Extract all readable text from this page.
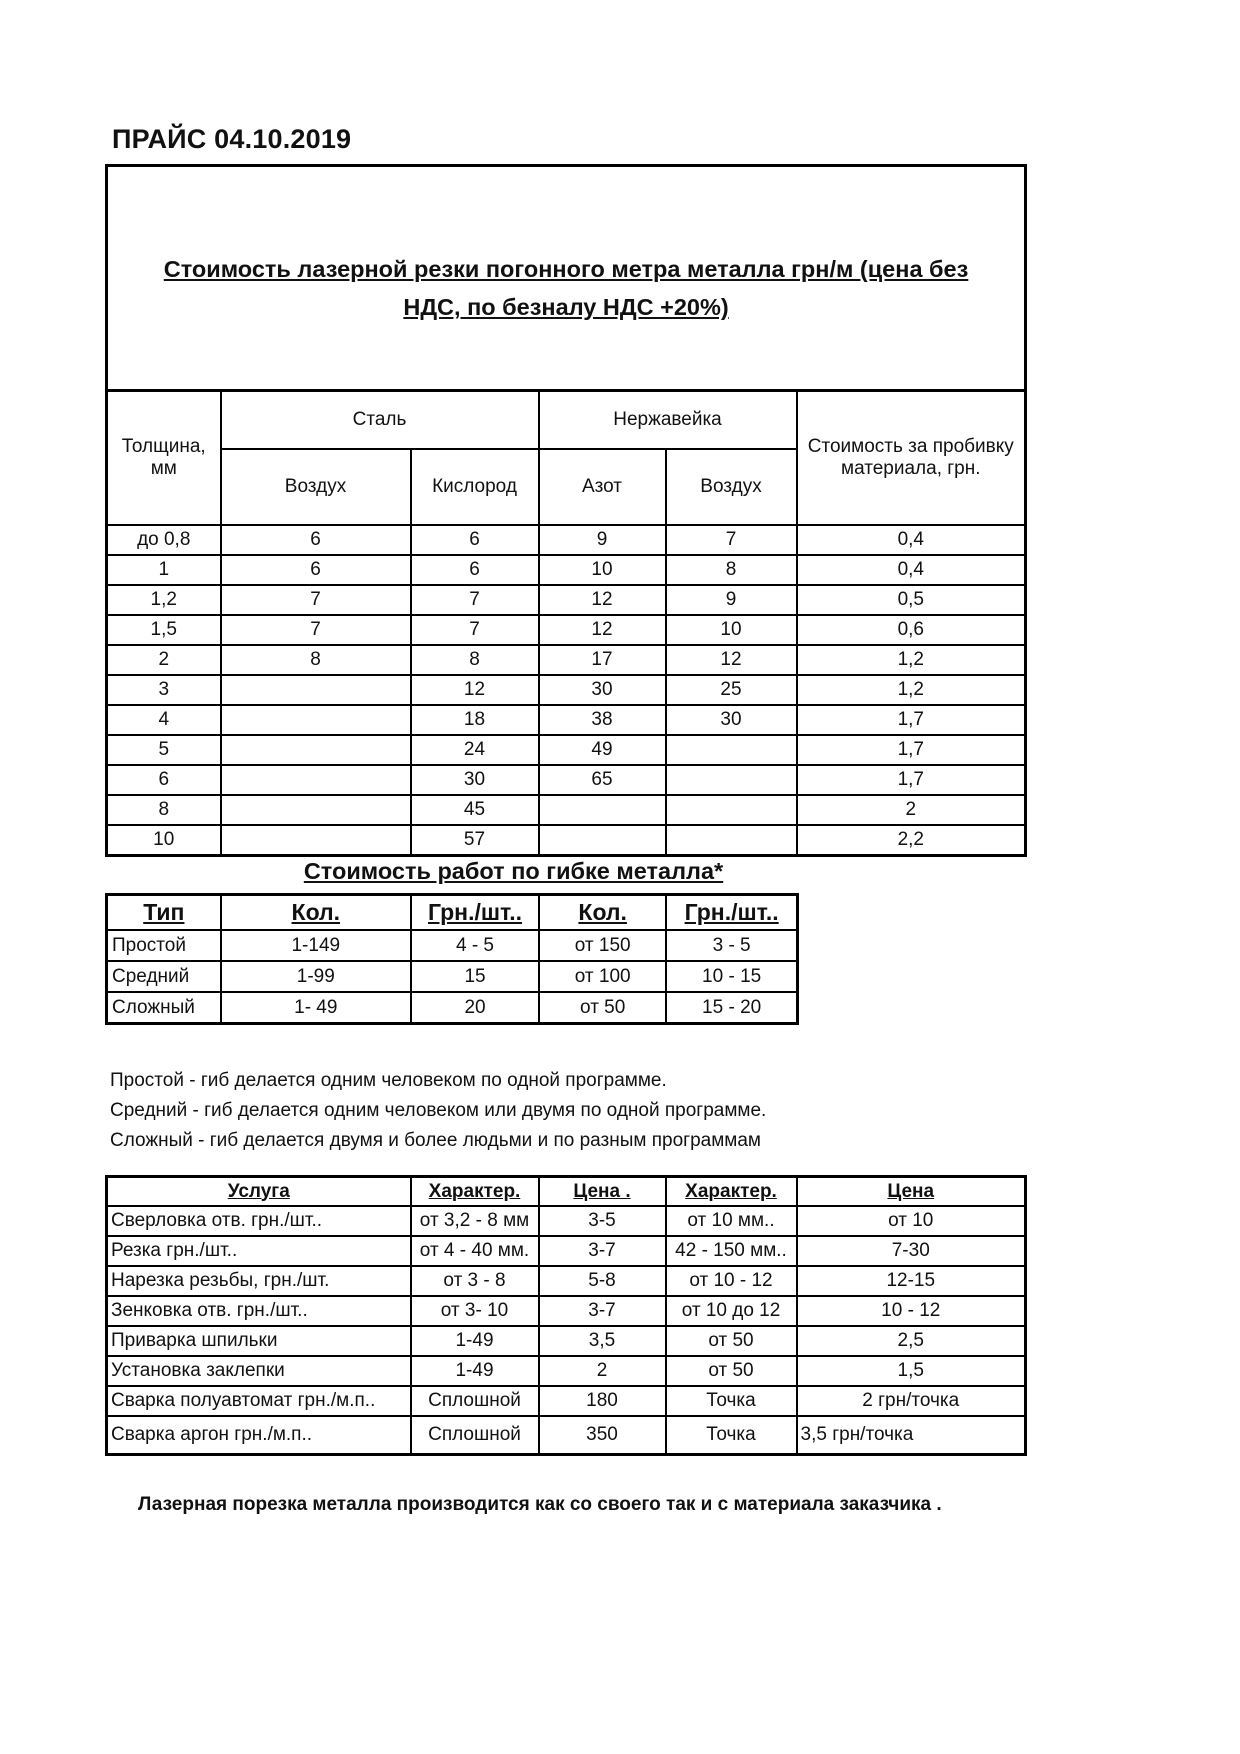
ПРАЙС 04.10.2019
Стоимость лазерной резки погонного метра металла грн/м (цена без
НДС, по безналу НДС +20%)					
Толщина, мм	Сталь		Нержавейка		Стоимость за пробивку материала, грн.
	Воздух	Кислород	Азот	Воздух	
до 0,8	6	6	9	7	0,4
1	6	6	10	8	0,4
1,2	7	7	12	9	0,5
1,5	7	7	12	10	0,6
2	8	8	17	12	1,2
3		12	30	25	1,2
4		18	38	30	1,7
5		24	49		1,7
6		30	65		1,7
8		45			2
10		57			2,2
Стоимость работ по гибке металла*
Тип	Кол.	Грн./шт..	Кол.	Грн./шт..
Простой	1-149	4 - 5	от 150	3 - 5
Средний	1-99	15	от 100	10 - 15
Сложный	1- 49	20	от 50	15 - 20
Простой - гиб делается одним человеком по одной программе.
Средний - гиб делается одним человеком или двумя по одной программе.
Сложный - гиб делается двумя и более людьми и по разным программам
Услуга	Характер.	Цена .	Характер.	Цена
Сверловка отв. грн./шт..	от 3,2 - 8 мм	3-5	от 10 мм..	от 10
Резка грн./шт..	от 4 - 40 мм.	3-7	42 - 150 мм..	7-30
Нарезка резьбы, грн./шт.	от 3 - 8	5-8	от 10 - 12	12-15
Зенковка отв. грн./шт..	от 3- 10	3-7	от 10 до 12	10 - 12
Приварка шпильки	1-49	3,5	от 50	2,5
Установка заклепки	1-49	2	от 50	1,5
Сварка полуавтомат грн./м.п..	Сплошной	180	Точка	2 грн/точка
Сварка аргон грн./м.п..	Сплошной	350	Точка	3,5 грн/точка
Лазерная порезка металла производится как со своего так и с материала заказчика .
